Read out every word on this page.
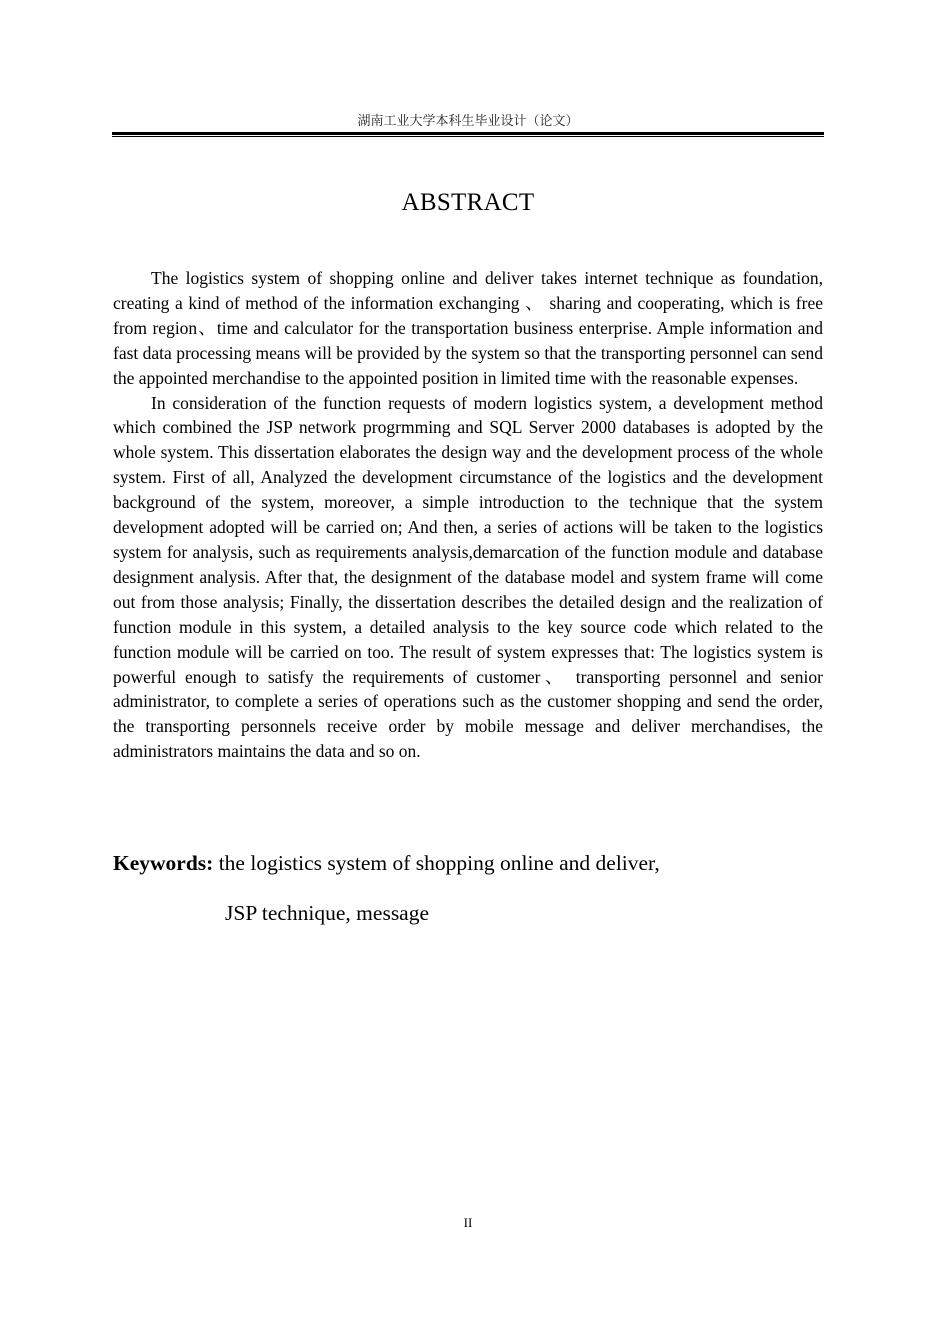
湖南工业大学本科生毕业设计（论文）
ABSTRACT

The logistics system of shopping online and deliver takes internet technique as foundation, creating a kind of method of the information exchanging 、 sharing and cooperating, which is free from region、time and calculator for the transportation business enterprise. Ample information and fast data processing means will be provided by the system so that the transporting personnel can send the appointed merchandise to the appointed position in limited time with the reasonable expenses.

In consideration of the function requests of modern logistics system, a development method which combined the JSP network progrmming and SQL Server 2000 databases is adopted by the whole system. This dissertation elaborates the design way and the development process of the whole system. First of all, Analyzed the development circumstance of the logistics and the development background of the system, moreover, a simple introduction to the technique that the system development adopted will be carried on; And then, a series of actions will be taken to the logistics system for analysis, such as requirements analysis,demarcation of the function module and database designment analysis. After that, the designment of the database model and system frame will come out from those analysis; Finally, the dissertation describes the detailed design and the realization of function module in this system, a detailed analysis to the key source code which related to the function module will be carried on too. The result of system expresses that: The logistics system is powerful enough to satisfy the requirements of customer、 transporting personnel and senior administrator, to complete a series of operations such as the customer shopping and send the order, the transporting personnels receive order by mobile message and deliver merchandises, the administrators maintains the data and so on.

Keywords: the logistics system of shopping online and deliver,
JSP technique, message
II
